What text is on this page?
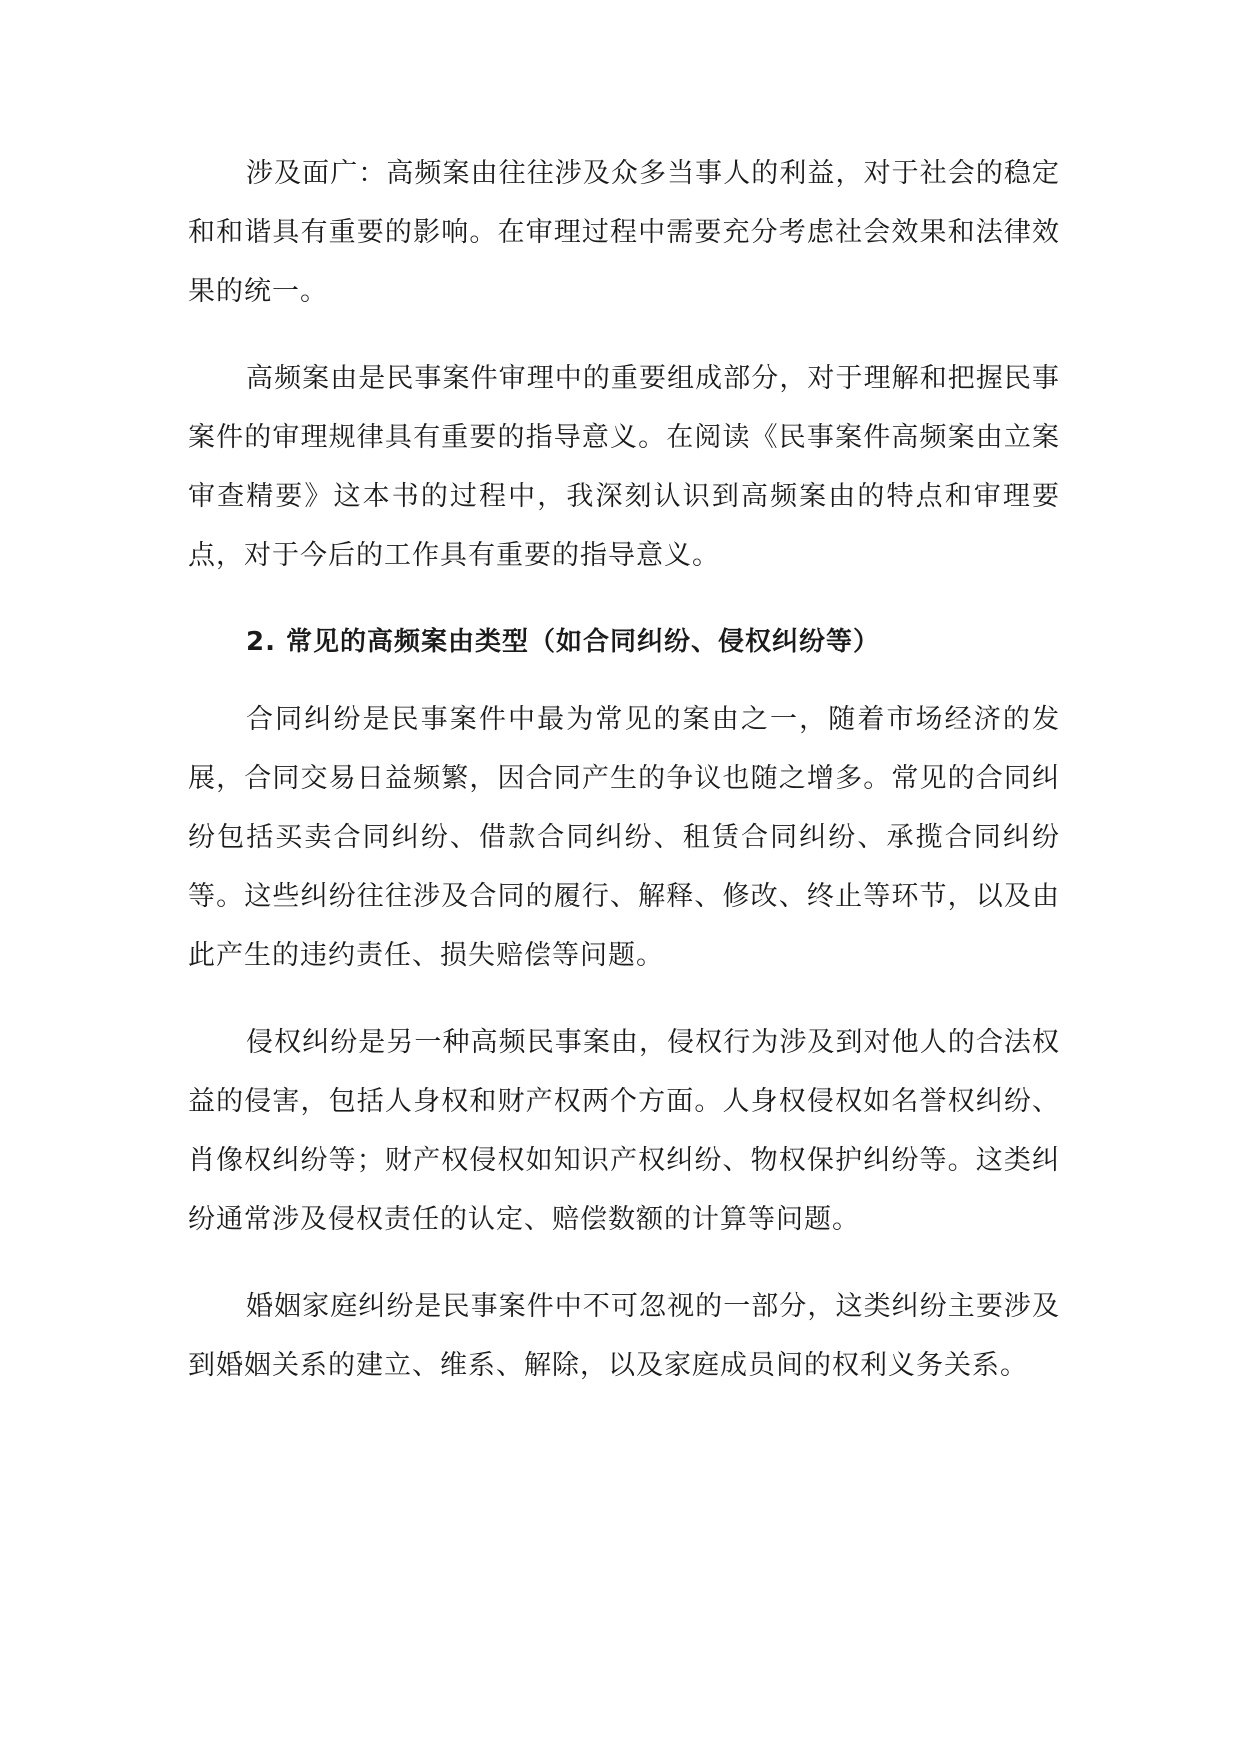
涉及面广：高频案由往往涉及众多当事人的利益，对于社会的稳定和和谐具有重要的影响。在审理过程中需要充分考虑社会效果和法律效果的统一。

高频案由是民事案件审理中的重要组成部分，对于理解和把握民事案件的审理规律具有重要的指导意义。在阅读《民事案件高频案由立案审查精要》这本书的过程中，我深刻认识到高频案由的特点和审理要点，对于今后的工作具有重要的指导意义。

2. 常见的高频案由类型（如合同纠纷、侵权纠纷等）

合同纠纷是民事案件中最为常见的案由之一，随着市场经济的发展，合同交易日益频繁，因合同产生的争议也随之增多。常见的合同纠纷包括买卖合同纠纷、借款合同纠纷、租赁合同纠纷、承揽合同纠纷等。这些纠纷往往涉及合同的履行、解释、修改、终止等环节，以及由此产生的违约责任、损失赔偿等问题。

侵权纠纷是另一种高频民事案由，侵权行为涉及到对他人的合法权益的侵害，包括人身权和财产权两个方面。人身权侵权如名誉权纠纷、肖像权纠纷等；财产权侵权如知识产权纠纷、物权保护纠纷等。这类纠纷通常涉及侵权责任的认定、赔偿数额的计算等问题。

婚姻家庭纠纷是民事案件中不可忽视的一部分，这类纠纷主要涉及到婚姻关系的建立、维系、解除，以及家庭成员间的权利义务关系。
